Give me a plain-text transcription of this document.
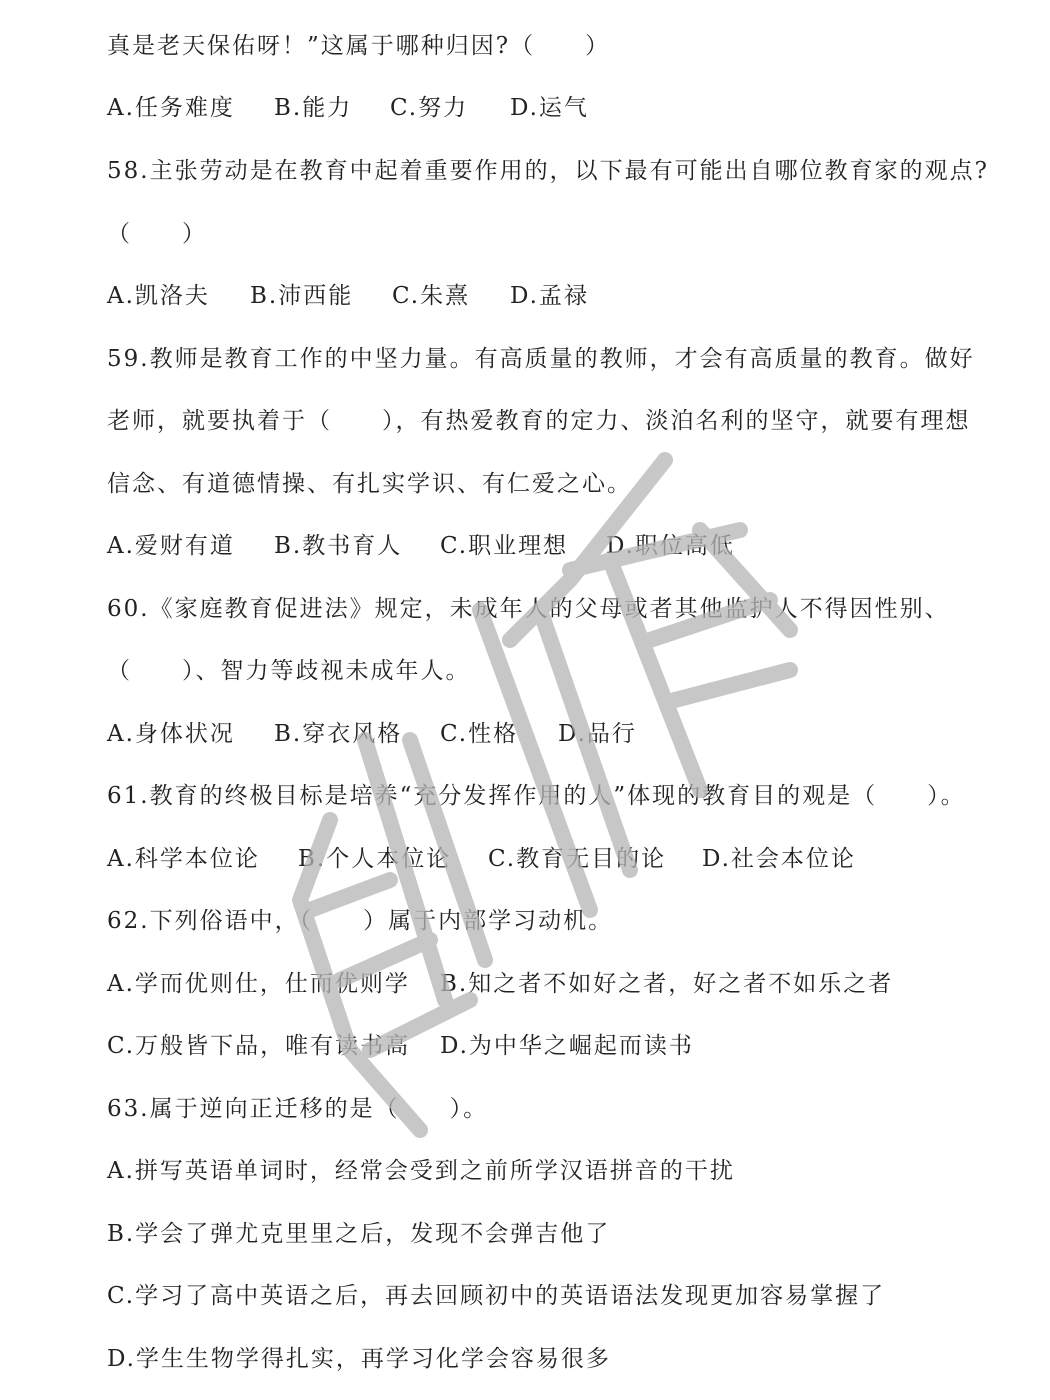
真是老天保佑呀！”这属于哪种归因?（　　）
A.任务难度 B.能力 C.努力 D.运气
58.主张劳动是在教育中起着重要作用的，以下最有可能出自哪位教育家的观点?
（　　）
A.凯洛夫 B.沛西能 C.朱熹 D.孟禄
59.教师是教育工作的中坚力量。有高质量的教师，才会有高质量的教育。做好
老师，就要执着于（　　），有热爱教育的定力、淡泊名利的坚守，就要有理想
信念、有道德情操、有扎实学识、有仁爱之心。
A.爱财有道 B.教书育人 C.职业理想 D.职位高低
60.《家庭教育促进法》规定，未成年人的父母或者其他监护人不得因性别、
（　　）、智力等歧视未成年人。
A.身体状况 B.穿衣风格 C.性格 D.品行
61.教育的终极目标是培养“充分发挥作用的人”体现的教育目的观是（　　）。
A.科学本位论 B.个人本位论 C.教育无目的论 D.社会本位论
62.下列俗语中，（　　）属于内部学习动机。
A.学而优则仕，仕而优则学 B.知之者不如好之者，好之者不如乐之者
C.万般皆下品，唯有读书高 D.为中华之崛起而读书
63.属于逆向正迁移的是（　　）。
A.拼写英语单词时，经常会受到之前所学汉语拼音的干扰
B.学会了弹尤克里里之后，发现不会弹吉他了
C.学习了高中英语之后，再去回顾初中的英语语法发现更加容易掌握了
D.学生生物学得扎实，再学习化学会容易很多
